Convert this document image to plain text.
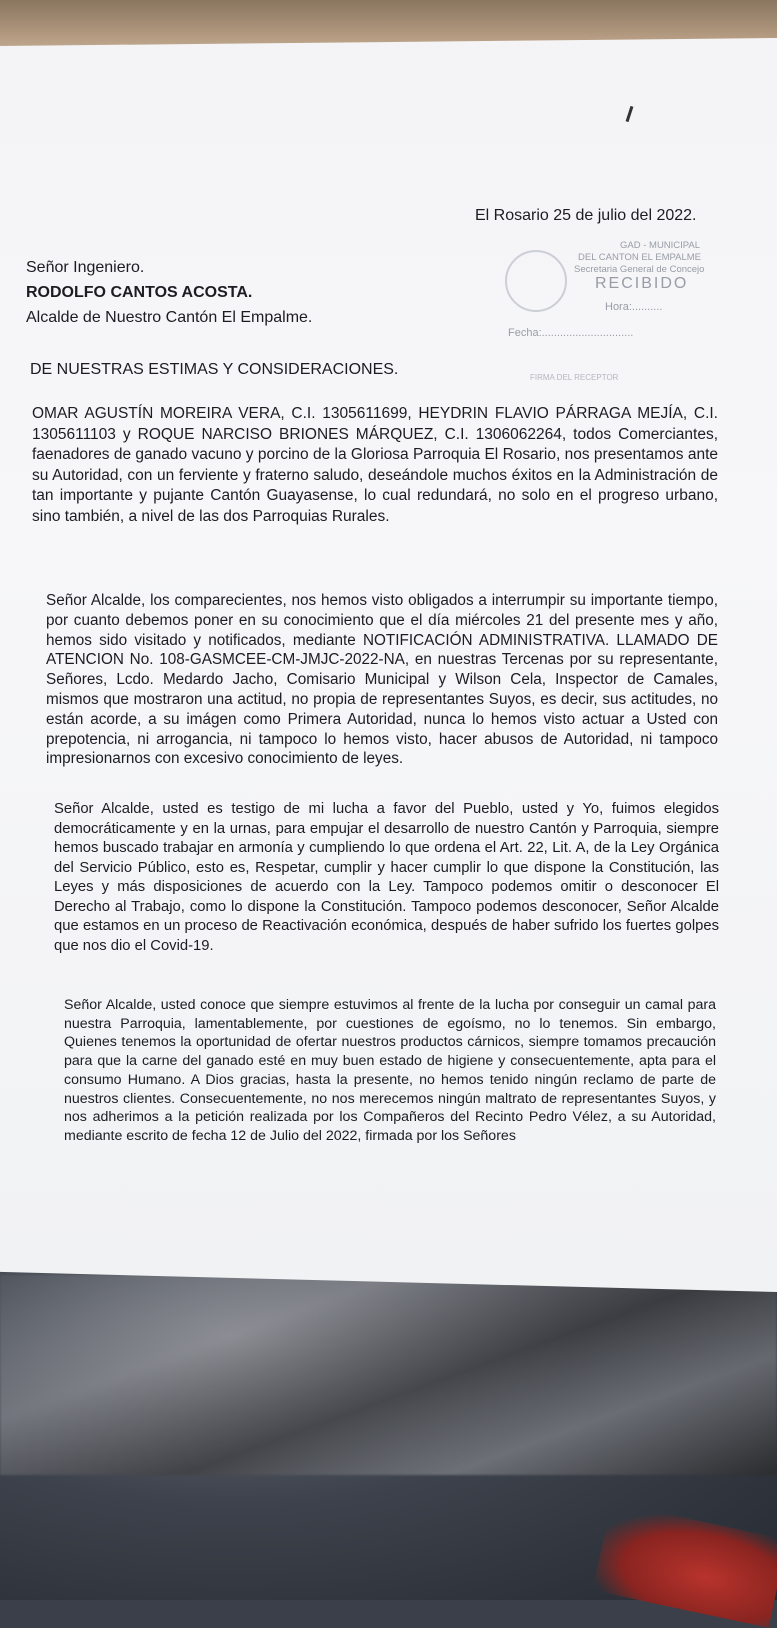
El Rosario 25 de julio del 2022.
Señor Ingeniero.
RODOLFO CANTOS ACOSTA.
Alcalde de Nuestro Cantón El Empalme.
GAD - MUNICIPAL
DEL CANTON EL EMPALME
Secretaria General de Concejo
RECIBIDO
Hora:..........
Fecha:..............................
FIRMA DEL RECEPTOR
DE NUESTRAS ESTIMAS Y CONSIDERACIONES.
OMAR AGUSTÍN MOREIRA VERA, C.I. 1305611699, HEYDRIN FLAVIO PÁRRAGA MEJÍA, C.I. 1305611103 y ROQUE NARCISO BRIONES MÁRQUEZ, C.I. 1306062264, todos Comerciantes, faenadores de ganado vacuno y porcino de la Gloriosa Parroquia El Rosario, nos presentamos ante su Autoridad, con un ferviente y fraterno saludo, deseándole muchos éxitos en la Administración de tan importante y pujante Cantón Guayasense, lo cual redundará, no solo en el progreso urbano, sino también, a nivel de las dos Parroquias Rurales.
Señor Alcalde, los comparecientes, nos hemos visto obligados a interrumpir su importante tiempo, por cuanto debemos poner en su conocimiento que el día miércoles 21 del presente mes y año, hemos sido visitado y notificados, mediante NOTIFICACIÓN ADMINISTRATIVA. LLAMADO DE ATENCION No. 108-GASMCEE-CM-JMJC-2022-NA, en nuestras Tercenas por su representante, Señores, Lcdo. Medardo Jacho, Comisario Municipal y Wilson Cela, Inspector de Camales, mismos que mostraron una actitud, no propia de representantes Suyos, es decir, sus actitudes, no están acorde, a su imágen como Primera Autoridad, nunca lo hemos visto actuar a Usted con prepotencia, ni arrogancia, ni tampoco lo hemos visto, hacer abusos de Autoridad, ni tampoco impresionarnos con excesivo conocimiento de leyes.
Señor Alcalde, usted es testigo de mi lucha a favor del Pueblo, usted y Yo, fuimos elegidos democráticamente y en la urnas, para empujar el desarrollo de nuestro Cantón y Parroquia, siempre hemos buscado trabajar en armonía y cumpliendo lo que ordena el Art. 22, Lit. A, de la Ley Orgánica del Servicio Público, esto es, Respetar, cumplir y hacer cumplir lo que dispone la Constitución, las Leyes y más disposiciones de acuerdo con la Ley. Tampoco podemos omitir o desconocer El Derecho al Trabajo, como lo dispone la Constitución. Tampoco podemos desconocer, Señor Alcalde que estamos en un proceso de Reactivación económica, después de haber sufrido los fuertes golpes que nos dio el Covid-19.
Señor Alcalde, usted conoce que siempre estuvimos al frente de la lucha por conseguir un camal para nuestra Parroquia, lamentablemente, por cuestiones de egoísmo, no lo tenemos. Sin embargo, Quienes tenemos la oportunidad de ofertar nuestros productos cárnicos, siempre tomamos precaución para que la carne del ganado esté en muy buen estado de higiene y consecuentemente, apta para el consumo Humano. A Dios gracias, hasta la presente, no hemos tenido ningún reclamo de parte de nuestros clientes. Consecuentemente, no nos merecemos ningún maltrato de representantes Suyos, y nos adherimos a la petición realizada por los Compañeros del Recinto Pedro Vélez, a su Autoridad, mediante escrito de fecha 12 de Julio del 2022, firmada por los Señores
